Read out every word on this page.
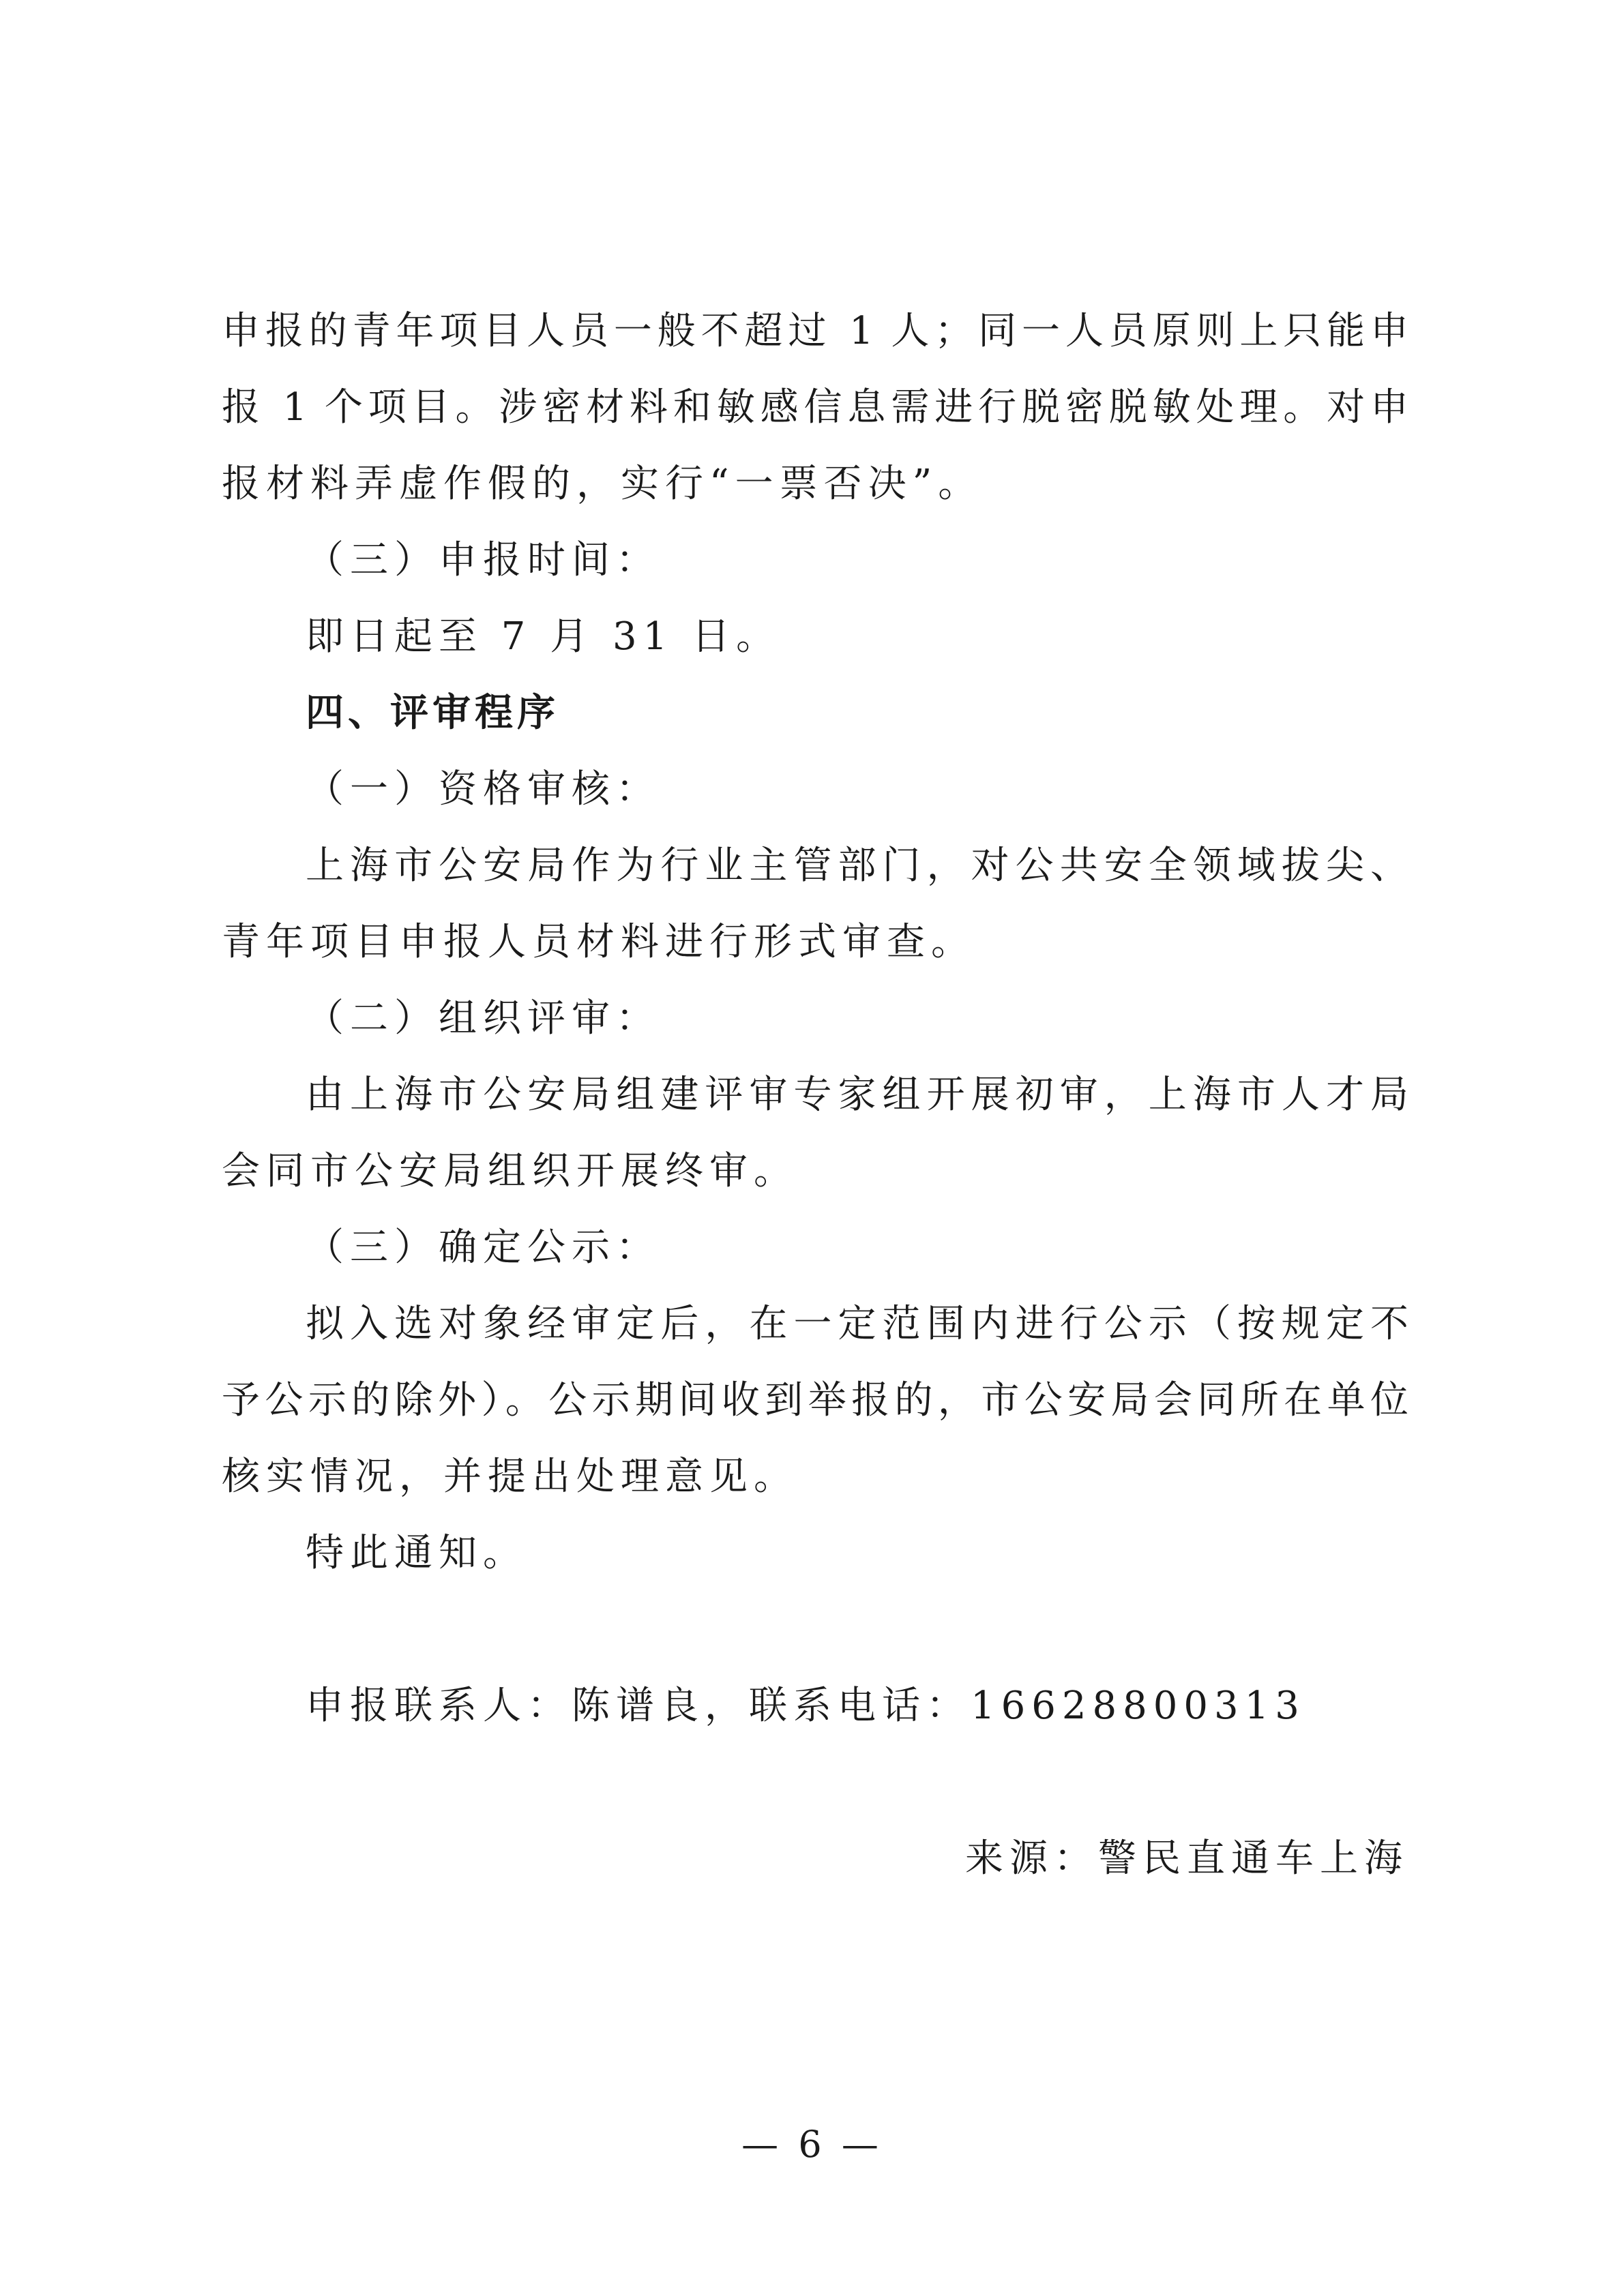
申报的青年项目人员一般不超过 1 人；同一人员原则上只能申
报 1 个项目。涉密材料和敏感信息需进行脱密脱敏处理。对申
报材料弄虚作假的，实行“一票否决”。
（三）申报时间：
即日起至 7 月 31 日。
四、评审程序
（一）资格审核：
上海市公安局作为行业主管部门，对公共安全领域拔尖、
青年项目申报人员材料进行形式审查。
（二）组织评审：
由上海市公安局组建评审专家组开展初审，上海市人才局
会同市公安局组织开展终审。
（三）确定公示：
拟入选对象经审定后，在一定范围内进行公示（按规定不
予公示的除外）。公示期间收到举报的，市公安局会同所在单位
核实情况，并提出处理意见。
特此通知。
申报联系人：陈谱良，联系电话：16628800313
来源：警民直通车上海
— 6 —
